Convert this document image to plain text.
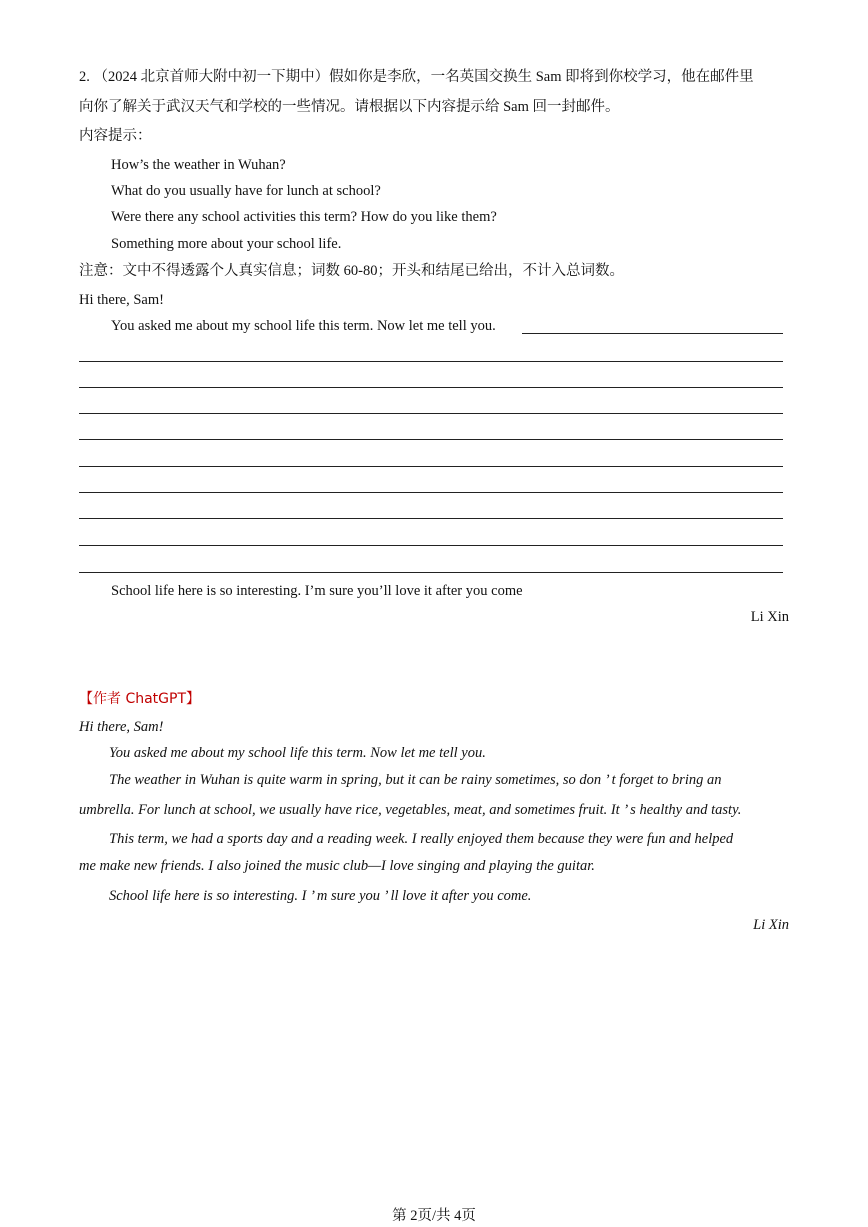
2. （2024 北京首师大附中初一下期中）假如你是李欣，一名英国交换生 Sam 即将到你校学习，他在邮件里
向你了解关于武汉天气和学校的一些情况。请根据以下内容提示给 Sam 回一封邮件。
内容提示：
How’s the weather in Wuhan?
What do you usually have for lunch at school?
Were there any school activities this term? How do you like them?
Something more about your school life.
注意：文中不得透露个人真实信息；词数 60-80；开头和结尾已给出，不计入总词数。
Hi there, Sam!
You asked me about my school life this term. Now let me tell you.
School life here is so interesting. I’m sure you’ll love it after you come
Li Xin
【作者 ChatGPT】
Hi there, Sam!
You asked me about my school life this term. Now let me tell you.
The weather in Wuhan is quite warm in spring, but it can be rainy sometimes, so don ’ t forget to bring an
umbrella. For lunch at school, we usually have rice, vegetables, meat, and sometimes fruit. It ’ s healthy and tasty.
This term, we had a sports day and a reading week. I really enjoyed them because they were fun and helped
me make new friends. I also joined the music club—I love singing and playing the guitar.
School life here is so interesting. I ’ m sure you ’ ll love it after you come.
Li Xin
第 2页/共 4页
